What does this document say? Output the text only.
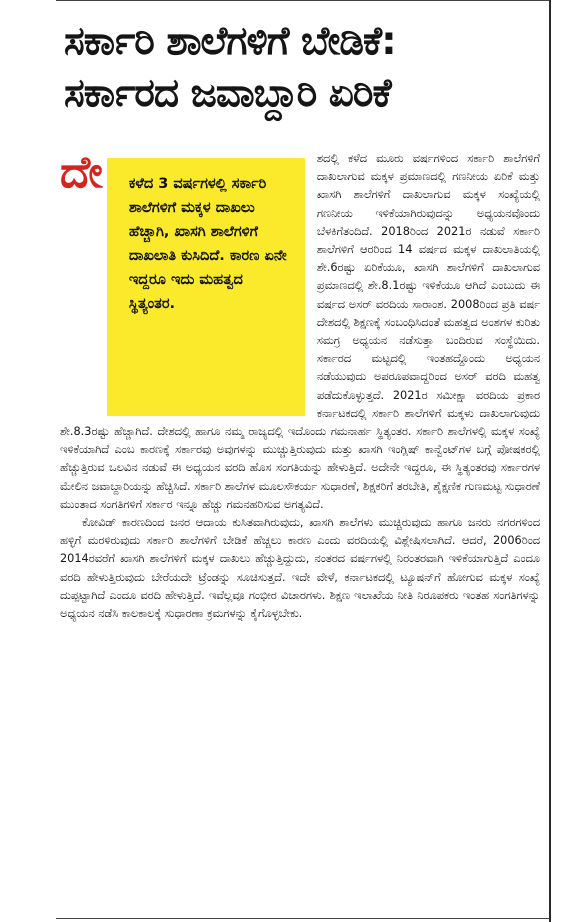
ಸರ್ಕಾರಿ ಶಾಲೆಗಳಿಗೆ ಬೇಡಿಕೆ:
ಸರ್ಕಾರದ ಜವಾಬ್ದಾರಿ ಏರಿಕೆ
ದೇ	ಕಳೆದ 3 ವರ್ಷಗಳಲ್ಲಿ ಸರ್ಕಾರಿ ಶಾಲೆಗಳಿಗೆ ಮಕ್ಕಳ ದಾಖಲು ಹೆಚ್ಚಾಗಿ, ಖಾಸಗಿ ಶಾಲೆಗಳಿಗೆ ದಾಖಲಾತಿ ಕುಸಿದಿದೆ. ಕಾರಣ ಏನೇ ಇದ್ದರೂ ಇದು ಮಹತ್ವದ ಸ್ಥಿತ್ಯಂತರ.

ಶದಲ್ಲಿ ಕಳೆದ ಮೂರು ವರ್ಷಗಳಿಂದ ಸರ್ಕಾರಿ ಶಾಲೆಗಳಿಗೆ ದಾಖಲಾಗುವ ಮಕ್ಕಳ ಪ್ರಮಾಣದಲ್ಲಿ ಗಣನೀಯ ಏರಿಕೆ ಮತ್ತು ಖಾಸಗಿ ಶಾಲೆಗಳಿಗೆ ದಾಖಲಾಗುವ ಮಕ್ಕಳ ಸಂಖ್ಯೆಯಲ್ಲಿ ಗಣನೀಯ ಇಳಿಕೆಯಾಗಿರುವುದನ್ನು ಅಧ್ಯಯನವೊಂದು ಬೆಳಕಿಗೆತಂದಿದೆ. 2018ರಿಂದ 2021ರ ನಡುವೆ ಸರ್ಕಾರಿ ಶಾಲೆಗಳಿಗೆ ಆರರಿಂದ 14 ವರ್ಷದ ಮಕ್ಕಳ ದಾಖಲಾತಿಯಲ್ಲಿ ಶೇ.6ರಷ್ಟು ಏರಿಕೆಯೂ, ಖಾಸಗಿ ಶಾಲೆಗಳಿಗೆ ದಾಖಲಾಗುವ ಪ್ರಮಾಣದಲ್ಲಿ ಶೇ.8.1ರಷ್ಟು ಇಳಿಕೆಯೂ ಆಗಿದೆ ಎಂಬುದು ಈ ವರ್ಷದ ಅಸರ್ ವರದಿಯ ಸಾರಾಂಶ. 2008ರಿಂದ ಪ್ರತಿ ವರ್ಷ ದೇಶದಲ್ಲಿ ಶಿಕ್ಷಣಕ್ಕೆ ಸಂಬಂಧಿಸಿದಂತೆ ಮಹತ್ವದ ಅಂಶಗಳ ಕುರಿತು ಸಮಗ್ರ ಅಧ್ಯಯನ ನಡೆಸುತ್ತಾ ಬಂದಿರುವ ಸಂಸ್ಥೆಯಿದು. ಸರ್ಕಾರದ ಮಟ್ಟದಲ್ಲಿ ಇಂತಹದ್ದೊಂದು ಅಧ್ಯಯನ ನಡೆಯುವುದು ಅಪರೂಪವಾದ್ದರಿಂದ ಅಸರ್ ವರದಿ ಮಹತ್ವ ಪಡೆದುಕೊಳ್ಳುತ್ತದೆ. 2021ರ ಸಮೀಕ್ಷಾ ವರದಿಯ ಪ್ರಕಾರ ಕರ್ನಾಟಕದಲ್ಲಿ ಸರ್ಕಾರಿ ಶಾಲೆಗಳಿಗೆ ಮಕ್ಕಳು ದಾಖಲಾಗುವುದು ಶೇ.8.3ರಷ್ಟು ಹೆಚ್ಚಾಗಿದೆ. ದೇಶದಲ್ಲಿ ಹಾಗೂ ನಮ್ಮ ರಾಜ್ಯದಲ್ಲಿ ಇದೊಂದು ಗಮನಾರ್ಹ ಸ್ಥಿತ್ಯಂತರ. ಸರ್ಕಾರಿ ಶಾಲೆಗಳಲ್ಲಿ ಮಕ್ಕಳ ಸಂಖ್ಯೆ ಇಳಿಕೆಯಾಗಿದೆ ಎಂಬ ಕಾರಣಕ್ಕೆ ಸರ್ಕಾರವು ಅವುಗಳನ್ನು ಮುಚ್ಚುತ್ತಿರುವುದು ಮತ್ತು ಖಾಸಗಿ ಇಂಗ್ಲಿಷ್ ಕಾನ್ವೆಂಟ್‌ಗಳ ಬಗ್ಗೆ ಪೋಷಕರಲ್ಲಿ ಹೆಚ್ಚುತ್ತಿರುವ ಒಲವಿನ ನಡುವೆ ಈ ಅಧ್ಯಯನ ವರದಿ ಹೊಸ ಸಂಗತಿಯನ್ನು ಹೇಳುತ್ತಿದೆ. ಅದೇನೇ ಇದ್ದರೂ, ಈ ಸ್ಥಿತ್ಯಂತರವು ಸರ್ಕಾರಗಳ ಮೇಲಿನ ಜವಾಬ್ದಾರಿಯನ್ನು ಹೆಚ್ಚಿಸಿದೆ. ಸರ್ಕಾರಿ ಶಾಲೆಗಳ ಮೂಲಸೌಕರ್ಯ ಸುಧಾರಣೆ, ಶಿಕ್ಷಕರಿಗೆ ತರಬೇತಿ, ಶೈಕ್ಷಣಿಕ ಗುಣಮಟ್ಟ ಸುಧಾರಣೆ ಮುಂತಾದ ಸಂಗತಿಗಳಿಗೆ ಸರ್ಕಾರ ಇನ್ನೂ ಹೆಚ್ಚು ಗಮನಹರಿಸುವ ಅಗತ್ಯವಿದೆ.

ಕೋವಿಡ್ ಕಾರಣದಿಂದ ಜನರ ಆದಾಯ ಕುಸಿತವಾಗಿರುವುದು, ಖಾಸಗಿ ಶಾಲೆಗಳು ಮುಚ್ಚಿರುವುದು ಹಾಗೂ ಜನರು ನಗರಗಳಿಂದ ಹಳ್ಳಿಗೆ ಮರಳಿರುವುದು ಸರ್ಕಾರಿ ಶಾಲೆಗಳಿಗೆ ಬೇಡಿಕೆ ಹೆಚ್ಚಲು ಕಾರಣ ಎಂದು ವರದಿಯಲ್ಲಿ ವಿಶ್ಲೇಷಿಸಲಾಗಿದೆ. ಆದರೆ, 2006ರಿಂದ 2014ರವರೆಗೆ ಖಾಸಗಿ ಶಾಲೆಗಳಿಗೆ ಮಕ್ಕಳ ದಾಖಲು ಹೆಚ್ಚುತ್ತಿದ್ದುದು, ನಂತರದ ವರ್ಷಗಳಲ್ಲಿ ನಿರಂತರವಾಗಿ ಇಳಿಕೆಯಾಗುತ್ತಿದೆ ಎಂದೂ ವರದಿ ಹೇಳುತ್ತಿರುವುದು ಬೇರೆಯದೇ ಟ್ರೆಂಡನ್ನು ಸೂಚಿಸುತ್ತದೆ. ಇದೇ ವೇಳೆ, ಕರ್ನಾಟಕದಲ್ಲಿ ಟ್ಯೂಷನ್‌ಗೆ ಹೋಗುವ ಮಕ್ಕಳ ಸಂಖ್ಯೆ ದುಪ್ಪಟ್ಟಾಗಿದೆ ಎಂದೂ ವರದಿ ಹೇಳುತ್ತಿದೆ. ಇವೆಲ್ಲವೂ ಗಂಭೀರ ವಿಚಾರಗಳು. ಶಿಕ್ಷಣ ಇಲಾಖೆಯ ನೀತಿ ನಿರೂಪಕರು ಇಂತಹ ಸಂಗತಿಗಳನ್ನು ಅಧ್ಯಯನ ನಡೆಸಿ ಕಾಲಕಾಲಕ್ಕೆ ಸುಧಾರಣಾ ಕ್ರಮಗಳನ್ನು ಕೈಗೊಳ್ಳಬೇಕು.
